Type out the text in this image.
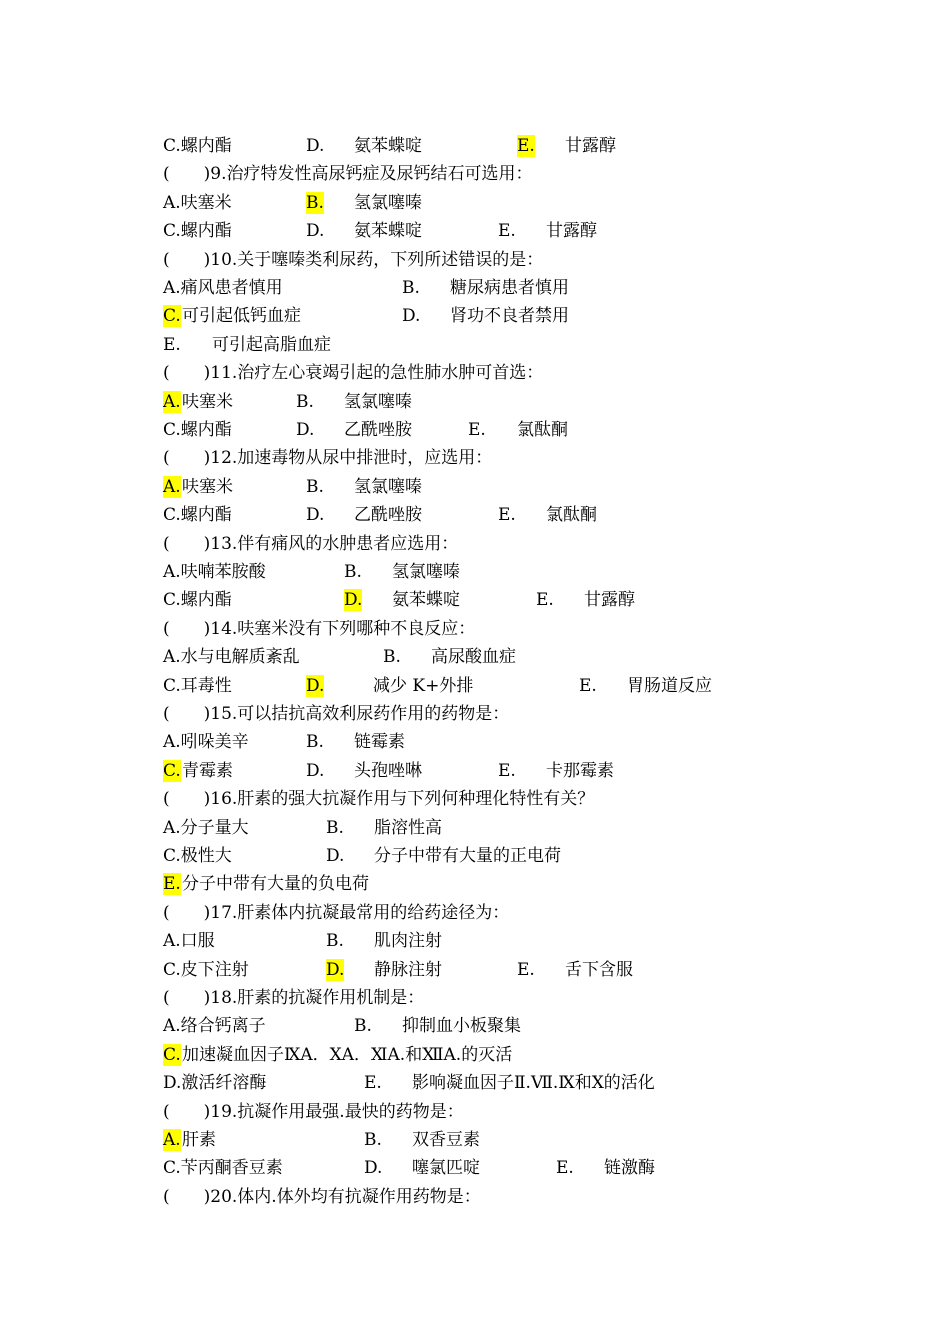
C.螺内酯	D. 氨苯蝶啶	E. 甘露醇
(　　)9.治疗特发性高尿钙症及尿钙结石可选用：
A.呋塞米	B. 氢氯噻嗪
C.螺内酯	D. 氨苯蝶啶	E. 甘露醇
(　　)10.关于噻嗪类利尿药，下列所述错误的是：
A.痛风患者慎用	B. 糖尿病患者慎用
C. 可引起低钙血症	D. 肾功不良者禁用
E. 可引起高脂血症
(　　)11.治疗左心衰竭引起的急性肺水肿可首选：
A. 呋塞米	B. 氢氯噻嗪
C.螺内酯	D. 乙酰唑胺	E. 氯酞酮
(　　)12.加速毒物从尿中排泄时，应选用：
A. 呋塞米	B. 氢氯噻嗪
C.螺内酯	D. 乙酰唑胺	E. 氯酞酮
(　　)13.伴有痛风的水肿患者应选用：
A.呋喃苯胺酸	B. 氢氯噻嗪
C.螺内酯	D. 氨苯蝶啶	E. 甘露醇
(　　)14.呋塞米没有下列哪种不良反应：
A.水与电解质紊乱	B. 高尿酸血症
C.耳毒性	D.	减少 K+外排	E. 胃肠道反应
(　　)15.可以拮抗高效利尿药作用的药物是：
A.吲哚美辛	B. 链霉素
C. 青霉素	D. 头孢唑啉	E. 卡那霉素
(　　)16.肝素的强大抗凝作用与下列何种理化特性有关？
A.分子量大	B. 脂溶性高
C.极性大	D. 分子中带有大量的正电荷
E. 分子中带有大量的负电荷
(　　)17.肝素体内抗凝最常用的给药途径为：
A.口服	B. 肌肉注射
C.皮下注射	D. 静脉注射	E. 舌下含服
(　　)18.肝素的抗凝作用机制是：
A.络合钙离子	B. 抑制血小板聚集
C. 加速凝血因子ⅨA．ⅩA．ⅪA.和ⅫA.的灭活
D.激活纤溶酶	E. 影响凝血因子Ⅱ.Ⅶ.Ⅸ和Ⅹ的活化
(　　)19.抗凝作用最强.最快的药物是：
A. 肝素	B. 双香豆素
C.苄丙酮香豆素	D. 噻氯匹啶	E. 链激酶
(　　)20.体内.体外均有抗凝作用药物是：
